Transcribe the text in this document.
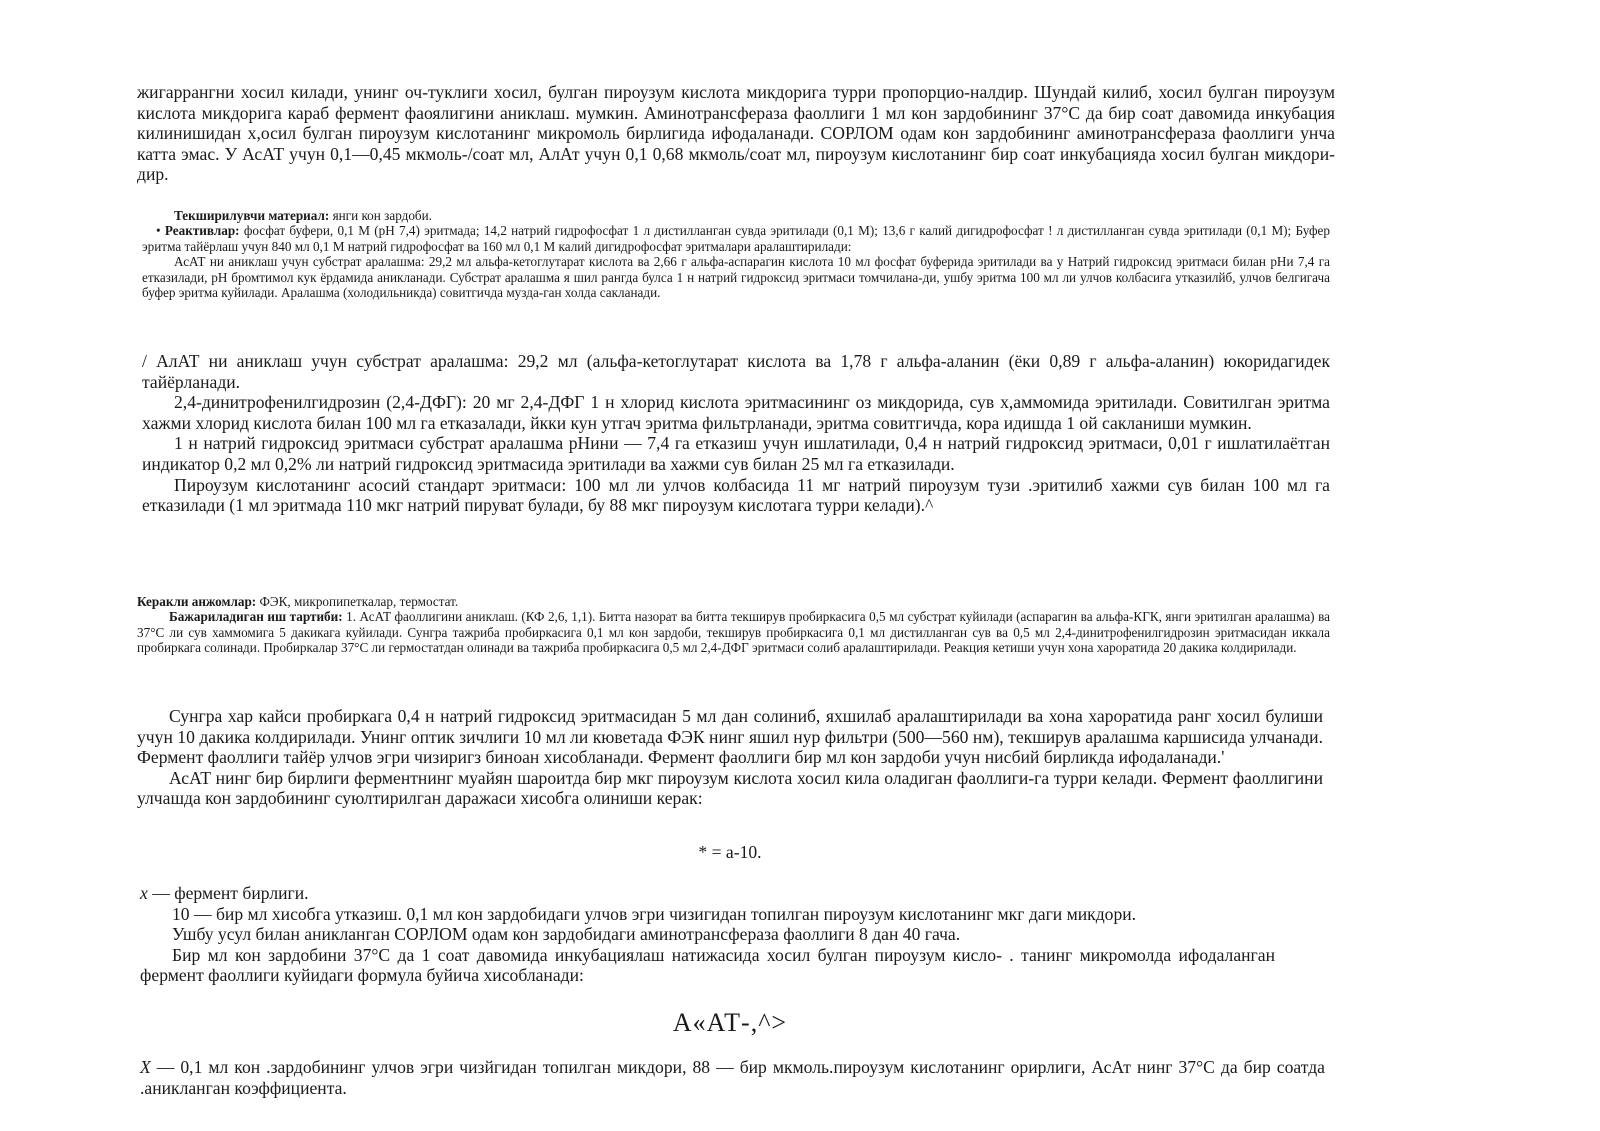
жигаррангни хосил килади, унинг оч-туклиги хосил, булган пироузум кислота микдорига турри пропорцио-налдир. Шундай килиб, хосил булган пироузум кислота микдорига караб фермент фаоялигини аниклаш. мумкин. Аминотрансфераза фаоллиги 1 мл кон зардобининг 37°С да бир соат давомида инкубация килинишидан х,осил булган пироузум кислотанинг микромоль бирлигида ифодаланади. СОРЛОМ одам кон зардобининг аминотрансфераза фаоллиги унча катта эмас. У АсАТ учун 0,1—0,45 мкмоль-/соат мл, АлАт учун 0,1 0,68 мкмоль/соат мл, пироузум кислотанинг бир соат инкубацияда хосил булган микдори-дир.

Текширилувчи материал: янги кон зардоби.

• Реактивлар: фосфат буфери, 0,1 М (рН 7,4) эритмада; 14,2 натрий гидрофосфат 1 л дистилланган сувда эритилади (0,1 М); 13,6 г калий дигидрофосфат ! л дистилланган сувда эритилади (0,1 М); Буфер эритма тайёрлаш учун 840 мл 0,1 М натрий гидрофосфат ва 160 мл 0,1 М калий дигидрофосфат эритмалари аралаштирилади:

АсАТ ни аниклаш учун субстрат аралашма: 29,2 мл альфа-кетоглутарат кислота ва 2,66 г альфа-аспарагин кислота 10 мл фосфат буферида эритилади ва у Натрий гидроксид эритмаси билан рНи 7,4 га етказилади, рН бромтимол кук ёрдамида аникланади. Субстрат аралашма я шил рангда булса 1 н натрий гидроксид эритмаси томчилана-ди, ушбу эритма 100 мл ли улчов колбасига утказилйб, улчов белгигача буфер эритма куйилади. Аралашма (холодильникда) совитгичда музда-ган холда сакланади.

/ АлАТ ни аниклаш учун субстрат аралашма: 29,2 мл (альфа-кетоглутарат кислота ва 1,78 г альфа-аланин (ёки 0,89 г альфа-аланин) юкоридагидек тайёрланади.

2,4-динитрофенилгидрозин (2,4-ДФГ): 20 мг 2,4-ДФГ 1 н хлорид кислота эритмасининг оз микдорида, сув х,аммомида эритилади. Совитилган эритма хажми хлорид кислота билан 100 мл га етказалади, йкки кун утгач эритма фильтрланади, эритма совитгичда, кора идишда 1 ой сакланиши мумкин.

1 н натрий гидроксид эритмаси субстрат аралашма рНини — 7,4 га етказиш учун ишлатилади, 0,4 н натрий гидроксид эритмаси, 0,01 г ишлатилаётган индикатор 0,2 мл 0,2% ли натрий гидроксид эритмасида эритилади ва хажми сув билан 25 мл га етказилади.

Пироузум кислотанинг асосий стандарт эритмаси: 100 мл ли улчов колбасида 11 мг натрий пироузум тузи .эритилиб хажми сув билан 100 мл га етказилади (1 мл эритмада 110 мкг натрий пируват булади, бу 88 мкг пироузум кислотага турри келади).^

Керакли анжомлар: ФЭК, микропипеткалар, термостат.

Бажариладиган иш тартиби: 1. АсАТ фаоллигини аниклаш. (КФ 2,6, 1,1). Битта назорат ва битта текширув пробиркасига 0,5 мл субстрат куйилади (аспарагин ва альфа-КГК, янги эритилган аралашма) ва 37°С ли сув хаммомига 5 дакикага куйилади. Сунгра тажриба пробиркасига 0,1 мл кон зардоби, текширув пробиркасига 0,1 мл дистилланган сув ва 0,5 мл 2,4-динитрофенилгидрозин эритмасидан иккала пробиркага солинади. Пробиркалар 37°С ли гермостатдан олинади ва тажриба пробиркасига 0,5 мл 2,4-ДФГ эритмаси солиб аралаштирилади. Реакция кетиши учун хона хароратида 20 дакика колдирилади.

Сунгра хар кайси пробиркага 0,4 н натрий гидроксид эритмасидан 5 мл дан солиниб, яхшилаб аралаштирилади ва хона хароратида ранг хосил булиши учун 10 дакика колдирилади. Унинг оптик зичлиги 10 мл ли кюветада ФЭК нинг яшил нур фильтри (500—560 нм), текширув аралашма каршисида улчанади. Фермент фаоллиги тайёр улчов эгри чизиригз биноан хисобланади. Фермент фаоллиги бир мл кон зардоби учун нисбий бирликда ифодаланади.'

АсАТ нинг бир бирлиги ферментнинг муайян шароитда бир мкг пироузум кислота хосил кила оладиган фаоллиги-га турри келади. Фермент фаоллигини улчашда кон зардобининг суюлтирилган даражаси хисобга олиниши керак:

* = а-10.

х — фермент бирлиги.

10 — бир мл хисобга утказиш. 0,1 мл кон зардобидаги улчов эгри чизигидан топилган пироузум кислотанинг мкг даги микдори.

Ушбу усул билан аникланган СОРЛОМ одам кон зардобидаги аминотрансфераза фаоллиги 8 дан 40 гача.

Бир мл кон зардобини 37°С да 1 соат давомида инкубациялаш натижасида хосил булган пироузум кисло- . танинг микромолда ифодаланган фермент фаоллиги куйидаги формула буйича хисобланади:

А«АТ-,^>

X — 0,1 мл кон .зардобининг улчов эгри чизйгидан топилган микдори, 88 — бир мкмоль.пироузум кислотанинг орирлиги, АсАт нинг 37°С да бир соатда .аникланган коэффициента.
